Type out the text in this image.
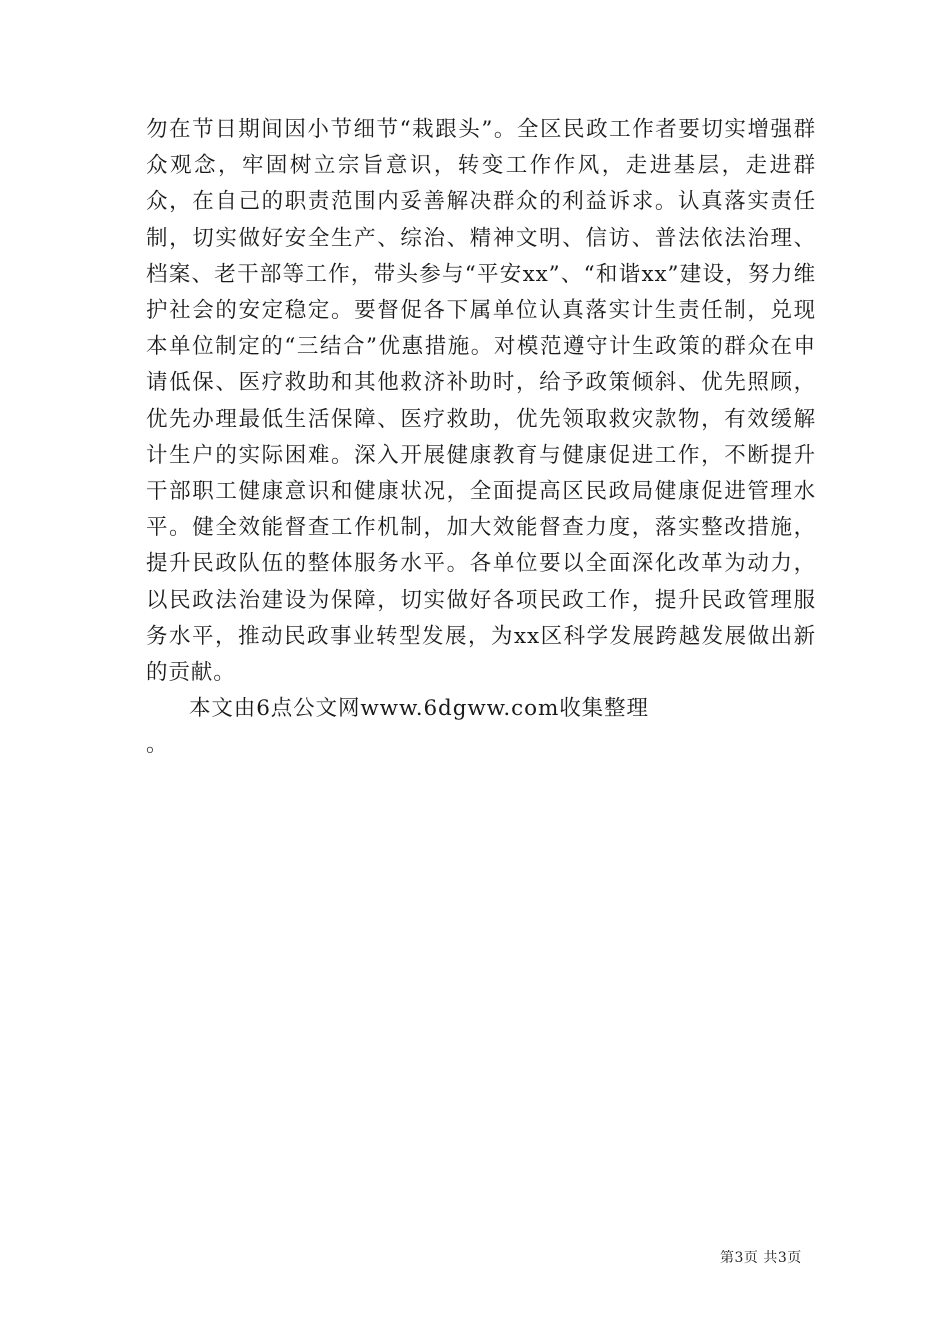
勿在节日期间因小节细节“栽跟头”。全区民政工作者要切实增强群众观念，牢固树立宗旨意识，转变工作作风，走进基层，走进群众，在自己的职责范围内妥善解决群众的利益诉求。认真落实责任制，切实做好安全生产、综治、精神文明、信访、普法依法治理、档案、老干部等工作，带头参与“平安xx”、“和谐xx”建设，努力维护社会的安定稳定。要督促各下属单位认真落实计生责任制，兑现本单位制定的“三结合”优惠措施。对模范遵守计生政策的群众在申请低保、医疗救助和其他救济补助时，给予政策倾斜、优先照顾，优先办理最低生活保障、医疗救助，优先领取救灾款物，有效缓解计生户的实际困难。深入开展健康教育与健康促进工作，不断提升干部职工健康意识和健康状况，全面提高区民政局健康促进管理水平。健全效能督查工作机制，加大效能督查力度，落实整改措施，提升民政队伍的整体服务水平。各单位要以全面深化改革为动力，以民政法治建设为保障，切实做好各项民政工作，提升民政管理服务水平，推动民政事业转型发展，为xx区科学发展跨越发展做出新的贡献。

本文由6点公文网www.6dgww.com收集整理

。

第3页 共3页
